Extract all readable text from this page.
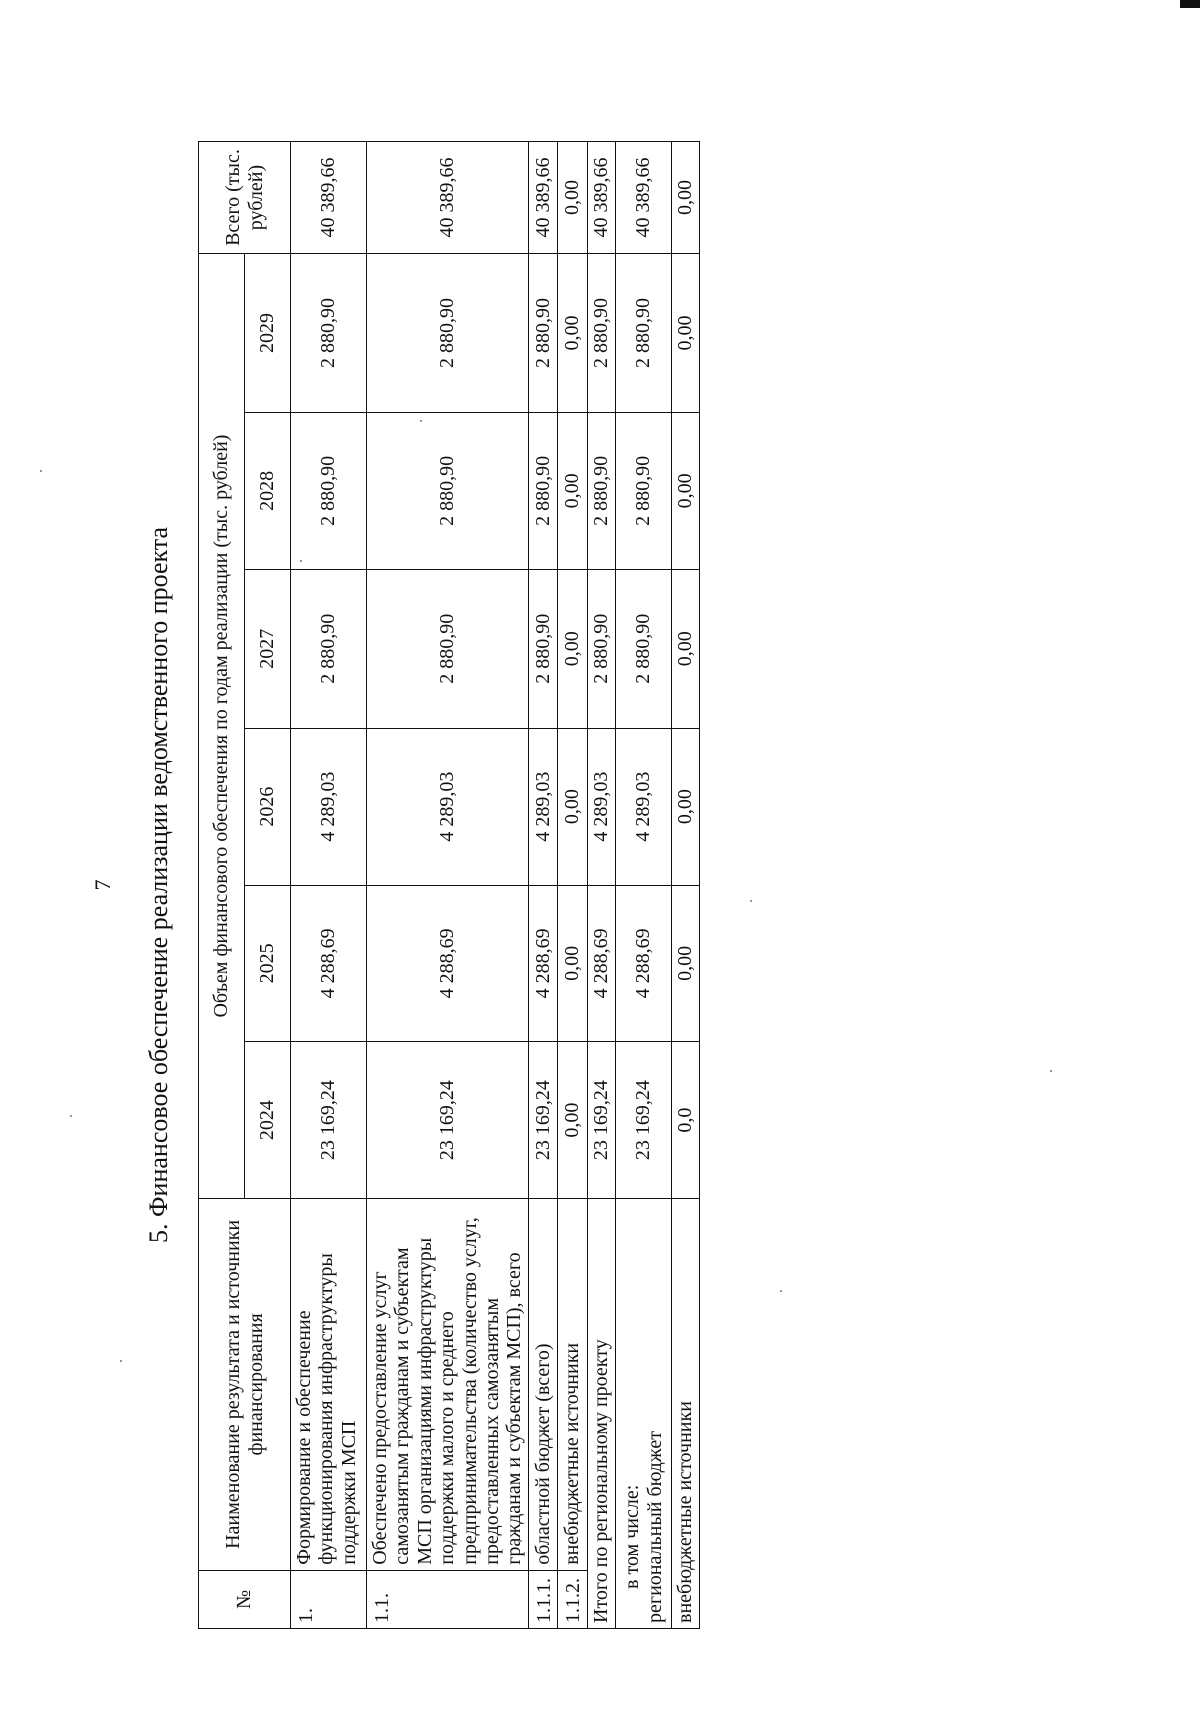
7 5. Финансовое обеспечение реализации ведомственного проекта
№	Наименование результата и источники финансирования	Объем финансового обеспечения по годам реализации (тыс. рублей)						Всего (тыс. рублей)
		2024	2025	2026	2027	2028	2029	
1.	Формирование и обеспечение функционирования инфраструктуры поддержки МСП	23 169,24	4 288,69	4 289,03	2 880,90	2 880,90	2 880,90	40 389,66
1.1.	Обеспечено предоставление услуг самозанятым гражданам и субъектам МСП организациями инфраструктуры поддержки малого и среднего предпринимательства (количество услуг, предоставленных самозанятым гражданам и субъектам МСП), всего	23 169,24	4 288,69	4 289,03	2 880,90	2 880,90	2 880,90	40 389,66
1.1.1.	областной бюджет (всего)	23 169,24	4 288,69	4 289,03	2 880,90	2 880,90	2 880,90	40 389,66
1.1.2.	внебюджетные источники	0,00	0,00	0,00	0,00	0,00	0,00	0,00
Итого по региональному проекту		23 169,24	4 288,69	4 289,03	2 880,90	2 880,90	2 880,90	40 389,66

в том числе: региональный бюджет		23 169,24	4 288,69	4 289,03	2 880,90	2 880,90	2 880,90	40 389,66
внебюджетные источники		0,0	0,00	0,00	0,00	0,00	0,00	0,00
